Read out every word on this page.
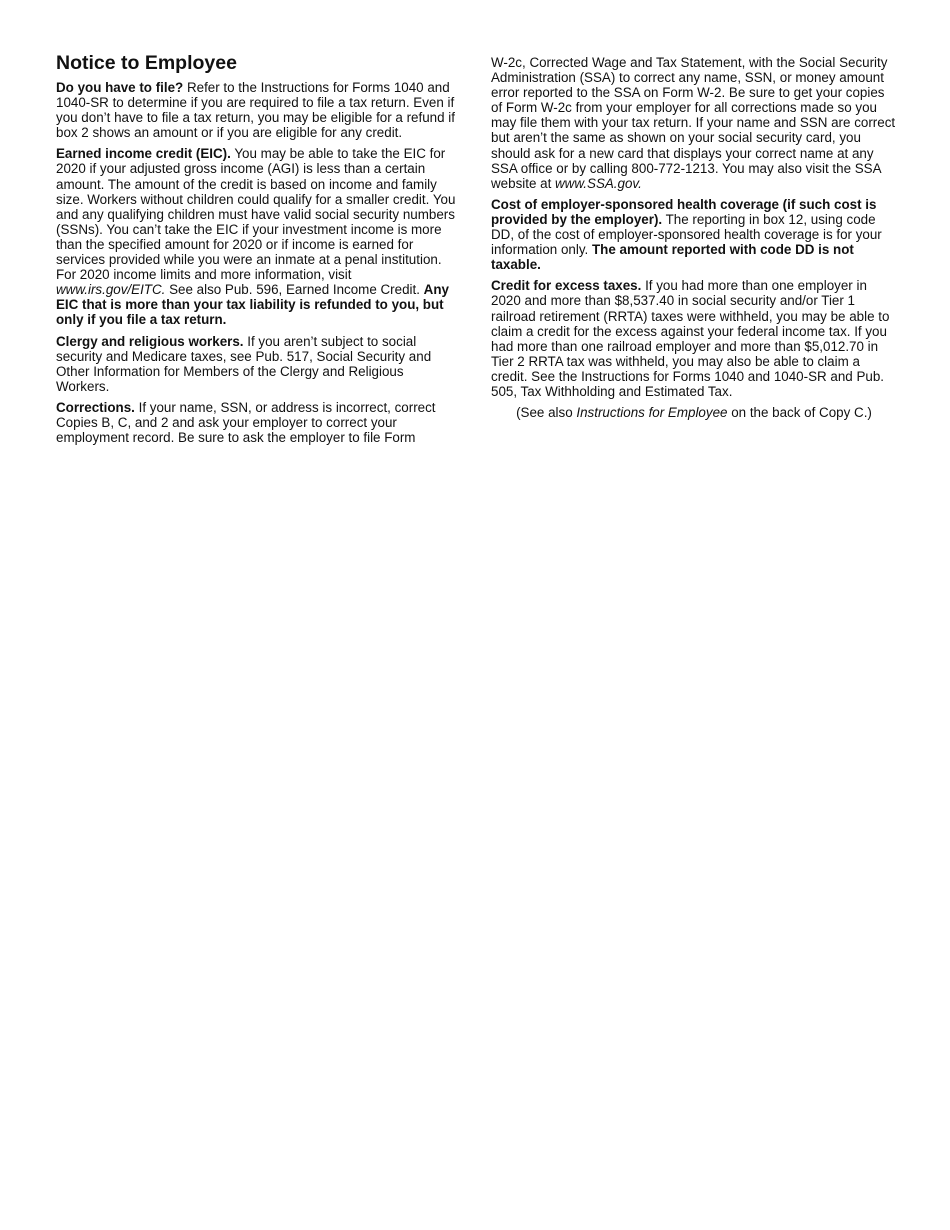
Notice to Employee

Do you have to file? Refer to the Instructions for Forms 1040 and 1040-SR to determine if you are required to file a tax return. Even if you don’t have to file a tax return, you may be eligible for a refund if box 2 shows an amount or if you are eligible for any credit.

Earned income credit (EIC). You may be able to take the EIC for 2020 if your adjusted gross income (AGI) is less than a certain amount. The amount of the credit is based on income and family size. Workers without children could qualify for a smaller credit. You and any qualifying children must have valid social security numbers (SSNs). You can’t take the EIC if your investment income is more than the specified amount for 2020 or if income is earned for services provided while you were an inmate at a penal institution. For 2020 income limits and more information, visit www.irs.gov/EITC. See also Pub. 596, Earned Income Credit. Any EIC that is more than your tax liability is refunded to you, but only if you file a tax return.

Clergy and religious workers. If you aren’t subject to social security and Medicare taxes, see Pub. 517, Social Security and Other Information for Members of the Clergy and Religious Workers.

Corrections. If your name, SSN, or address is incorrect, correct Copies B, C, and 2 and ask your employer to correct your employment record. Be sure to ask the employer to file Form

W-2c, Corrected Wage and Tax Statement, with the Social Security Administration (SSA) to correct any name, SSN, or money amount error reported to the SSA on Form W-2. Be sure to get your copies of Form W-2c from your employer for all corrections made so you may file them with your tax return. If your name and SSN are correct but aren’t the same as shown on your social security card, you should ask for a new card that displays your correct name at any SSA office or by calling 800-772-1213. You may also visit the SSA website at www.SSA.gov.

Cost of employer-sponsored health coverage (if such cost is provided by the employer). The reporting in box 12, using code DD, of the cost of employer-sponsored health coverage is for your information only. The amount reported with code DD is not taxable.

Credit for excess taxes. If you had more than one employer in 2020 and more than $8,537.40 in social security and/or Tier 1 railroad retirement (RRTA) taxes were withheld, you may be able to claim a credit for the excess against your federal income tax. If you had more than one railroad employer and more than $5,012.70 in Tier 2 RRTA tax was withheld, you may also be able to claim a credit. See the Instructions for Forms 1040 and 1040-SR and Pub. 505, Tax Withholding and Estimated Tax.

(See also Instructions for Employee on the back of Copy C.)
